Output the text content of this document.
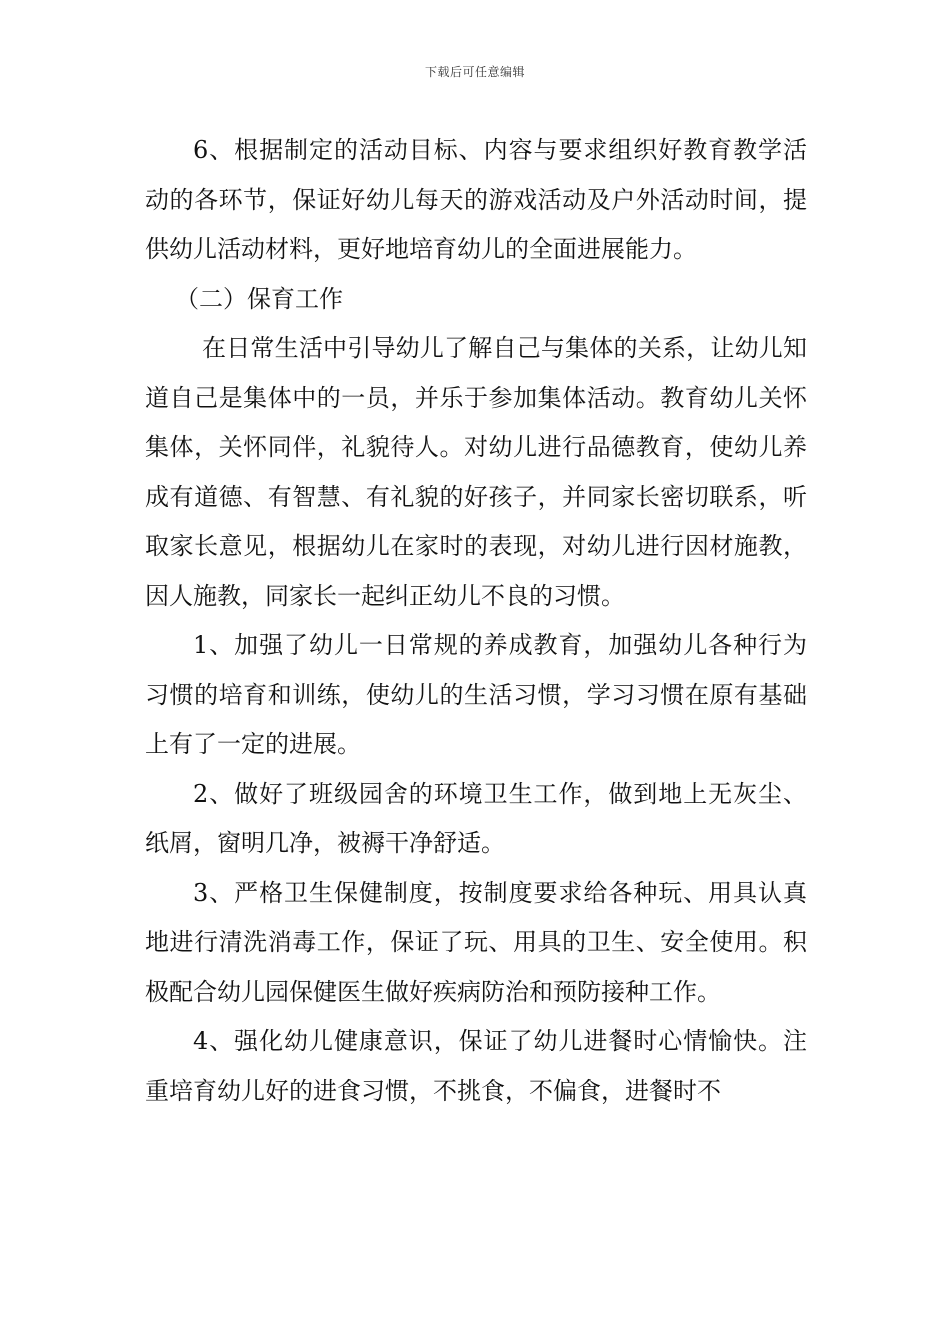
下载后可任意编辑

6、根据制定的活动目标、内容与要求组织好教育教学活动的各环节，保证好幼儿每天的游戏活动及户外活动时间，提供幼儿活动材料，更好地培育幼儿的全面进展能力。

（二）保育工作

在日常生活中引导幼儿了解自己与集体的关系，让幼儿知道自己是集体中的一员，并乐于参加集体活动。教育幼儿关怀集体，关怀同伴，礼貌待人。对幼儿进行品德教育，使幼儿养成有道德、有智慧、有礼貌的好孩子，并同家长密切联系，听取家长意见，根据幼儿在家时的表现，对幼儿进行因材施教，因人施教，同家长一起纠正幼儿不良的习惯。

1、加强了幼儿一日常规的养成教育，加强幼儿各种行为习惯的培育和训练，使幼儿的生活习惯，学习习惯在原有基础上有了一定的进展。

2、做好了班级园舍的环境卫生工作，做到地上无灰尘、纸屑，窗明几净，被褥干净舒适。

3、严格卫生保健制度，按制度要求给各种玩、用具认真地进行清洗消毒工作，保证了玩、用具的卫生、安全使用。积极配合幼儿园保健医生做好疾病防治和预防接种工作。

4、强化幼儿健康意识，保证了幼儿进餐时心情愉快。注重培育幼儿好的进食习惯，不挑食，不偏食，进餐时不
